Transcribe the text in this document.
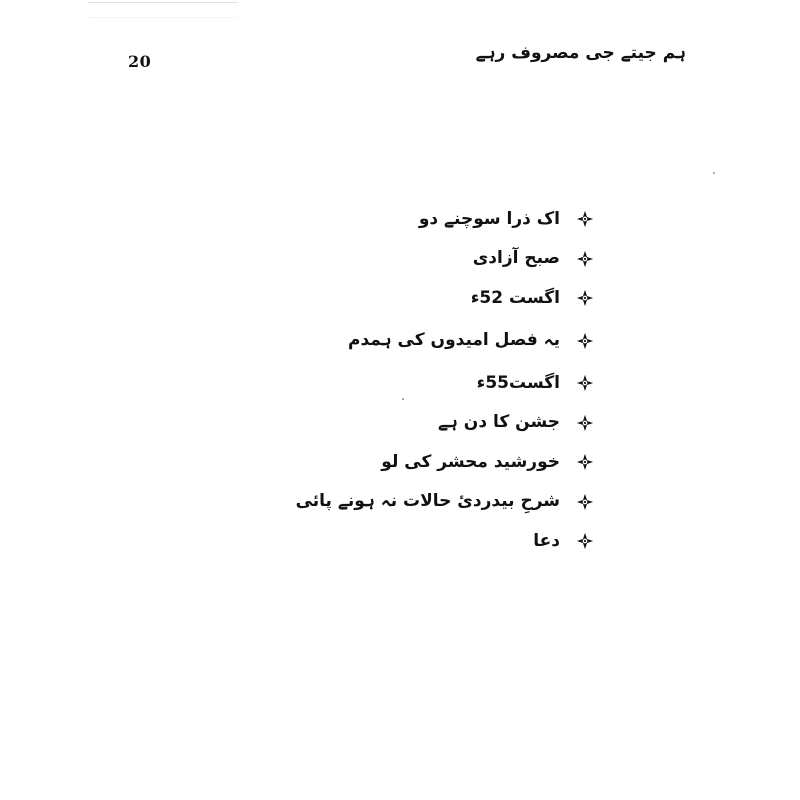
20	ہم جیتے جی مصروف رہے
اک ذرا سوچنے دو
صبح آزادی
اگست 52ء
یہ فصل امیدوں کی ہمدم
اگست55ء
جشن کا دن ہے
خورشید محشر کی لو
شرحِ بیدردیٔ حالات نہ ہونے پائی
دعا
